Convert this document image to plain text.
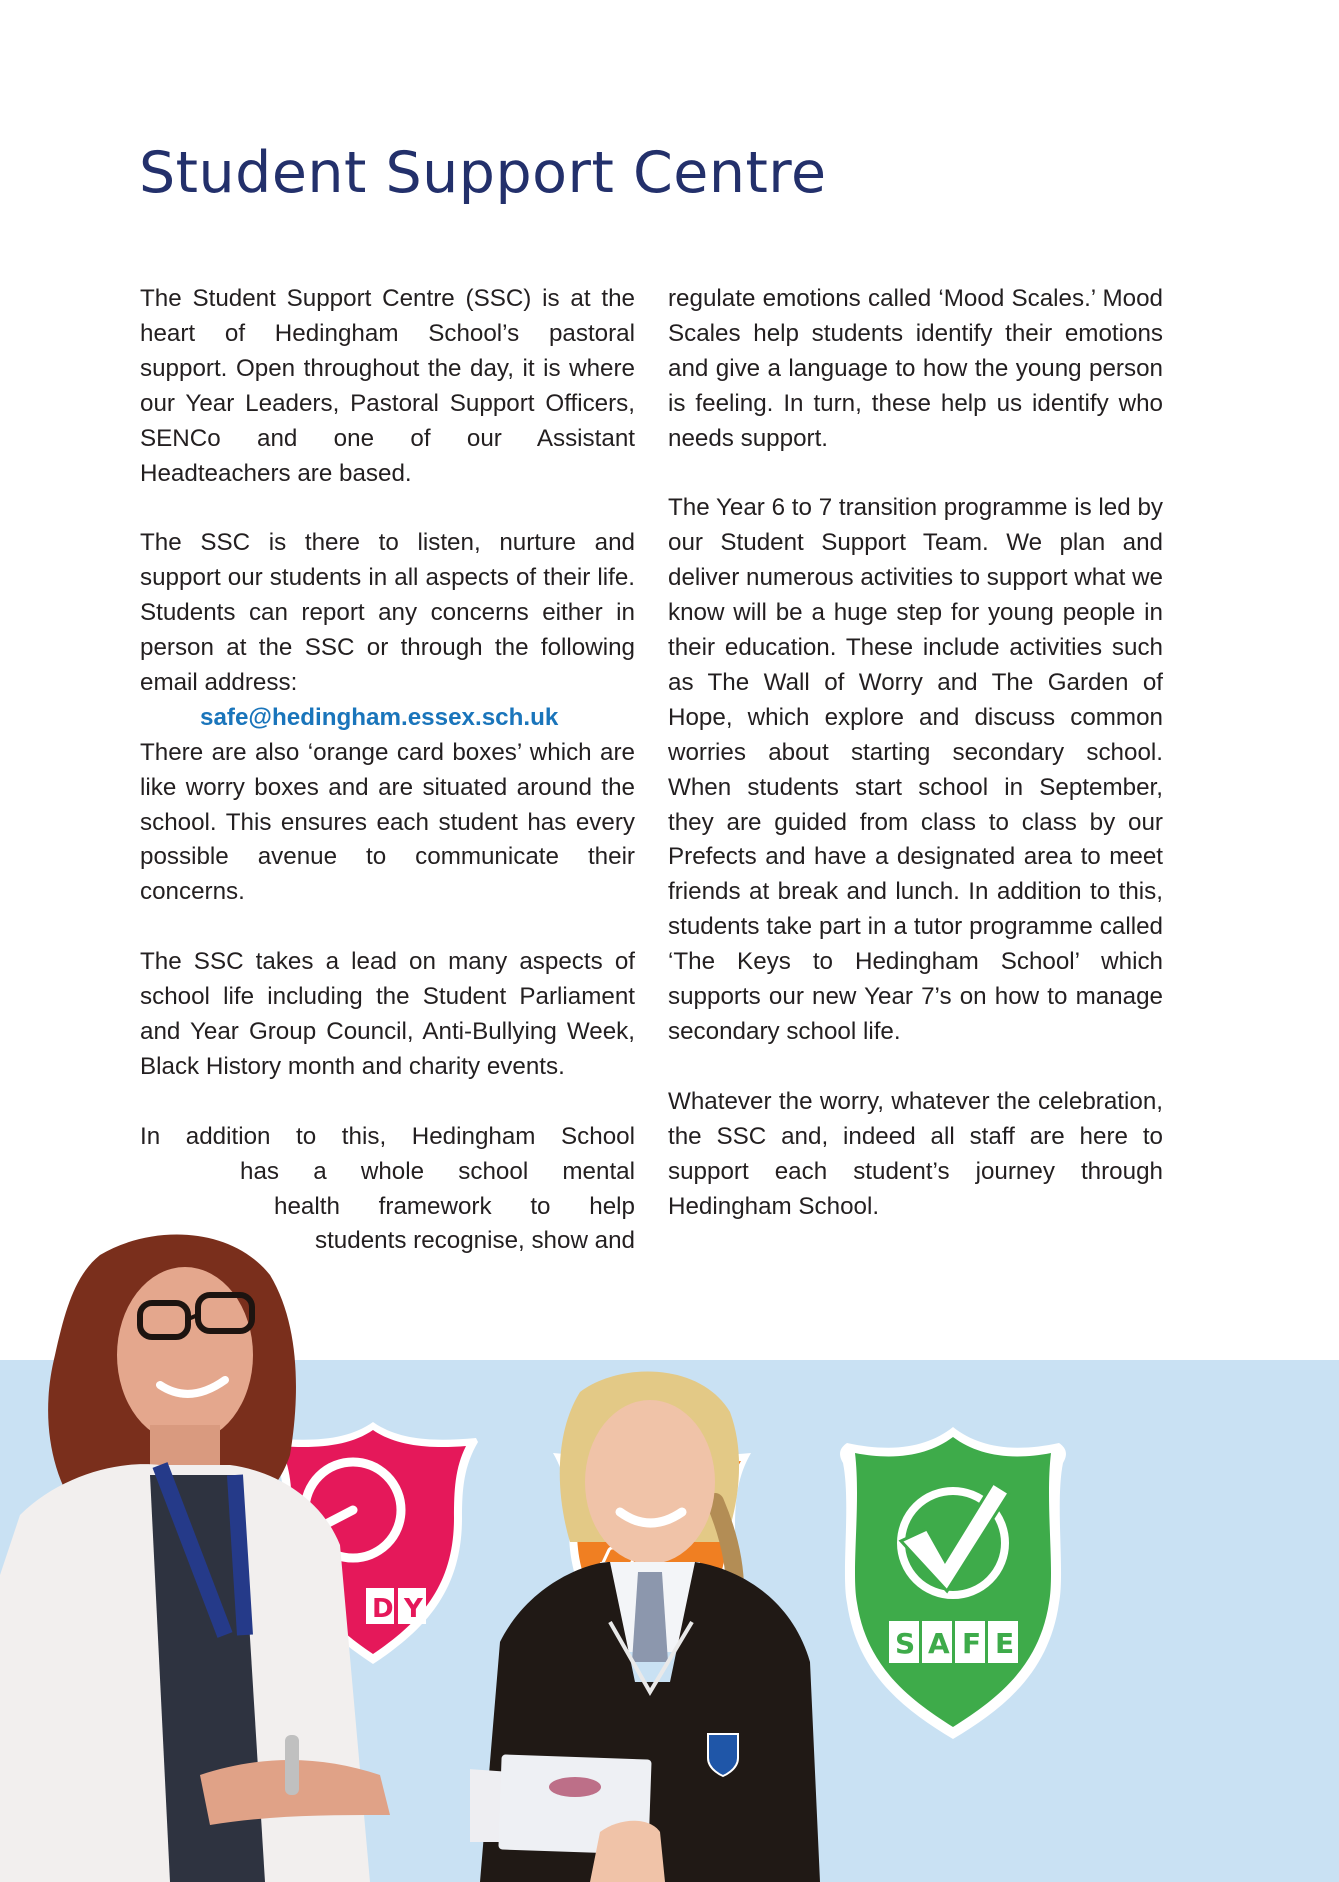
Student Support Centre

The Student Support Centre (SSC) is at the heart of Hedingham School’s pastoral support. Open throughout the day, it is where our Year Leaders, Pastoral Support Officers, SENCo and one of our Assistant Headteachers are based.

The SSC is there to listen, nurture and support our students in all aspects of their life. Students can report any concerns either in person at the SSC or through the following email address:
safe@hedingham.essex.sch.uk
There are also ‘orange card boxes’ which are like worry boxes and are situated around the school. This ensures each student has every possible avenue to communicate their concerns.

The SSC takes a lead on many aspects of school life including the Student Parliament and Year Group Council, Anti-Bullying Week, Black History month and charity events.

In addition to this, Hedingham School
has a whole school mental
health framework to help
students recognise, show and

regulate emotions called ‘Mood Scales.’ Mood Scales help students identify their emotions and give a language to how the young person is feeling. In turn, these help us identify who needs support.

The Year 6 to 7 transition programme is led by our Student Support Team. We plan and deliver numerous activities to support what we know will be a huge step for young people in their education. These include activities such as The Wall of Worry and The Garden of Hope, which explore and discuss common worries about starting secondary school. When students start school in September, they are guided from class to class by our Prefects and have a designated area to meet friends at break and lunch. In addition to this, students take part in a tutor programme called ‘The Keys to Hedingham School’ which supports our new Year 7’s on how to manage secondary school life.

Whatever the worry, whatever the celebration, the SSC and, indeed all staff are here to support each student’s journey through Hedingham School.

D Y
S A F E
